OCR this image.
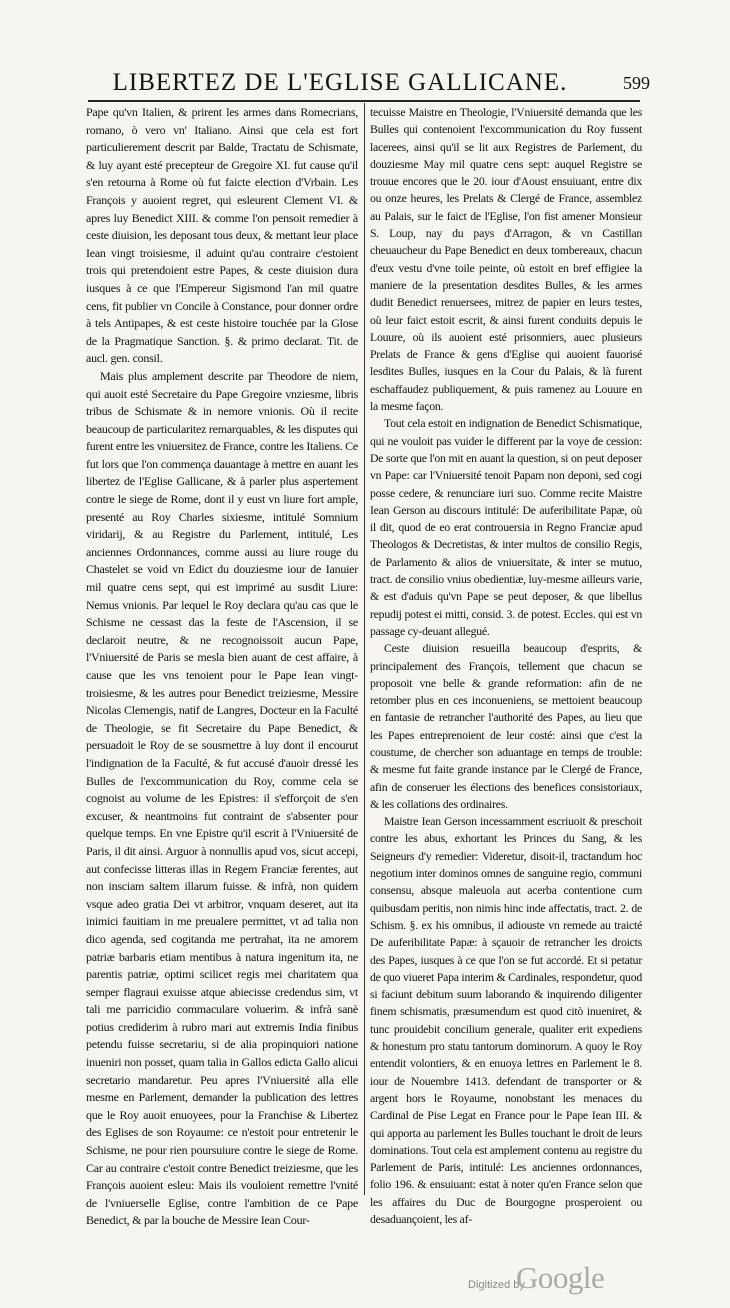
LIBERTEZ DE L'EGLISE GALLICANE.	599

Pape qu'vn Italien, & prirent les armes dans Romecrians, romano, ò vero vn' Italiano. Ainsi que cela est fort particulierement descrit par Balde, Tractatu de Schismate, & luy ayant esté precepteur de Gregoire XI. fut cause qu'il s'en retourna à Rome où fut faicte election d'Vrbain. Les François y auoient regret, qui esleurent Clement VI. & apres luy Benedict XIII. & comme l'on pensoit remedier à ceste diuision, les deposant tous deux, & mettant leur place Iean vingt troisiesme, il aduint qu'au contraire c'estoient trois qui pretendoient estre Papes, & ceste diuision dura iusques à ce que l'Empereur Sigismond l'an mil quatre cens, fit publier vn Concile à Constance, pour donner ordre à tels Antipapes, & est ceste histoire touchée par la Glose de la Pragmatique Sanction. §. & primo declarat. Tit. de aucl. gen. consil.

Mais plus amplement descrite par Theodore de niem, qui auoit esté Secretaire du Pape Gregoire vnziesme, libris tribus de Schismate & in nemore vnionis. Où il recite beaucoup de particularitez remarquables, & les disputes qui furent entre les vniuersitez de France, contre les Italiens. Ce fut lors que l'on commença dauantage à mettre en auant les libertez de l'Eglise Gallicane, & à parler plus aspertement contre le siege de Rome, dont il y eust vn liure fort ample, presenté au Roy Charles sixiesme, intitulé Somnium viridarij, & au Registre du Parlement, intitulé, Les anciennes Ordonnances, comme aussi au liure rouge du Chastelet se void vn Edict du douziesme iour de Ianuier mil quatre cens sept, qui est imprimé au susdit Liure: Nemus vnionis. Par lequel le Roy declara qu'au cas que le Schisme ne cessast das la feste de l'Ascension, il se declaroit neutre, & ne recognoissoit aucun Pape, l'Vniuersité de Paris se mesla bien auant de cest affaire, à cause que les vns tenoient pour le Pape Iean vingt-troisiesme, & les autres pour Benedict treiziesme, Messire Nicolas Clemengis, natif de Langres, Docteur en la Faculté de Theologie, se fit Secretaire du Pape Benedict, & persuadoit le Roy de se sousmettre à luy dont il encourut l'indignation de la Faculté, & fut accusé d'auoir dressé les Bulles de l'excommunication du Roy, comme cela se cognoist au volume de les Epistres: il s'efforçoit de s'en excuser, & neantmoins fut contraint de s'absenter pour quelque temps. En vne Epistre qu'il escrit à l'Vniuersité de Paris, il dit ainsi. Arguor à nonnullis apud vos, sicut accepi, aut confecisse litteras illas in Regem Franciæ ferentes, aut non insciam saltem illarum fuisse. & infrà, non quidem vsque adeo gratia Dei vt arbitror, vnquam deseret, aut ita inimici fauitiam in me preualere permittet, vt ad talia non dico agenda, sed cogitanda me pertrahat, ita ne amorem patriæ barbaris etiam mentibus à natura ingenitum ita, ne parentis patriæ, optimi scilicet regis mei charitatem qua semper flagraui exuisse atque abiecisse credendus sim, vt tali me parricidio commaculare voluerim. & infrà sanè potius crediderim à rubro mari aut extremis India finibus petendu fuisse secretariu, si de alia propinquiori natione inueniri non posset, quam talia in Gallos edicta Gallo alicui secretario mandaretur. Peu apres l'Vniuersité alla elle mesme en Parlement, demander la publication des lettres que le Roy auoit enuoyees, pour la Franchise & Libertez des Eglises de son Royaume: ce n'estoit pour entretenir le Schisme, ne pour rien poursuiure contre le siege de Rome. Car au contraire c'estoit contre Benedict treiziesme, que les François auoient esleu: Mais ils vouloient remettre l'vnité de l'vniuerselle Eglise, contre l'ambition de ce Pape Benedict, & par la bouche de Messire Iean Cour-

tecuisse Maistre en Theologie, l'Vniuersité demanda que les Bulles qui contenoient l'excommunication du Roy fussent lacerees, ainsi qu'il se lit aux Registres de Parlement, du douziesme May mil quatre cens sept: auquel Registre se trouue encores que le 20. iour d'Aoust ensuiuant, entre dix ou onze heures, les Prelats & Clergé de France, assemblez au Palais, sur le faict de l'Eglise, l'on fist amener Monsieur S. Loup, nay du pays d'Arragon, & vn Castillan cheuaucheur du Pape Benedict en deux tombereaux, chacun d'eux vestu d'vne toile peinte, où estoit en bref effigiee la maniere de la presentation desdites Bulles, & les armes dudit Benedict renuersees, mitrez de papier en leurs testes, où leur faict estoit escrit, & ainsi furent conduits depuis le Louure, où ils auoient esté prisonniers, auec plusieurs Prelats de France & gens d'Eglise qui auoient fauorisé lesdites Bulles, iusques en la Cour du Palais, & là furent eschaffaudez publiquement, & puis ramenez au Louure en la mesme façon.

Tout cela estoit en indignation de Benedict Schismatique, qui ne vouloit pas vuider le different par la voye de cession: De sorte que l'on mit en auant la question, si on peut deposer vn Pape: car l'Vniuersité tenoit Papam non deponi, sed cogi posse cedere, & renunciare iuri suo. Comme recite Maistre Iean Gerson au discours intitulé: De auferibilitate Papæ, où il dit, quod de eo erat controuersia in Regno Franciæ apud Theologos & Decretistas, & inter multos de consilio Regis, de Parlamento & alios de vniuersitate, & inter se mutuo, tract. de consilio vnius obedientiæ, luy-mesme ailleurs varie, & est d'aduis qu'vn Pape se peut deposer, & que libellus repudij potest ei mitti, consid. 3. de potest. Eccles. qui est vn passage cy-deuant allegué.

Ceste diuision resueilla beaucoup d'esprits, & principalement des François, tellement que chacun se proposoit vne belle & grande reformation: afin de ne retomber plus en ces inconueniens, se mettoient beaucoup en fantasie de retrancher l'authorité des Papes, au lieu que les Papes entreprenoient de leur costé: ainsi que c'est la coustume, de chercher son aduantage en temps de trouble: & mesme fut faite grande instance par le Clergé de France, afin de conseruer les élections des benefices consistoriaux, & les collations des ordinaires.

Maistre Iean Gerson incessamment escriuoit & preschoit contre les abus, exhortant les Princes du Sang, & les Seigneurs d'y remedier: Videretur, disoit-il, tractandum hoc negotium inter dominos omnes de sanguine regio, communi consensu, absque maleuola aut acerba contentione cum quibusdam peritis, non nimis hinc inde affectatis, tract. 2. de Schism. §. ex his omnibus, il adiouste vn remede au traicté De auferibilitate Papæ: à sçauoir de retrancher les droicts des Papes, iusques à ce que l'on se fut accordé. Et si petatur de quo viueret Papa interim & Cardinales, respondetur, quod si faciunt debitum suum laborando & inquirendo diligenter finem schismatis, præsumendum est quod citò inueniret, & tunc prouidebit concilium generale, qualiter erit expediens & honestum pro statu tantorum dominorum. A quoy le Roy entendit volontiers, & en enuoya lettres en Parlement le 8. iour de Nouembre 1413. defendant de transporter or & argent hors le Royaume, nonobstant les menaces du Cardinal de Pise Legat en France pour le Pape Iean III. & qui apporta au parlement les Bulles touchant le droit de leurs dominations. Tout cela est amplement contenu au registre du Parlement de Paris, intitulé: Les anciennes ordonnances, folio 196. & ensuiuant: estat à noter qu'en France selon que les affaires du Duc de Bourgogne prosperoient ou desaduançoient, les af-

Digitized by
Google
